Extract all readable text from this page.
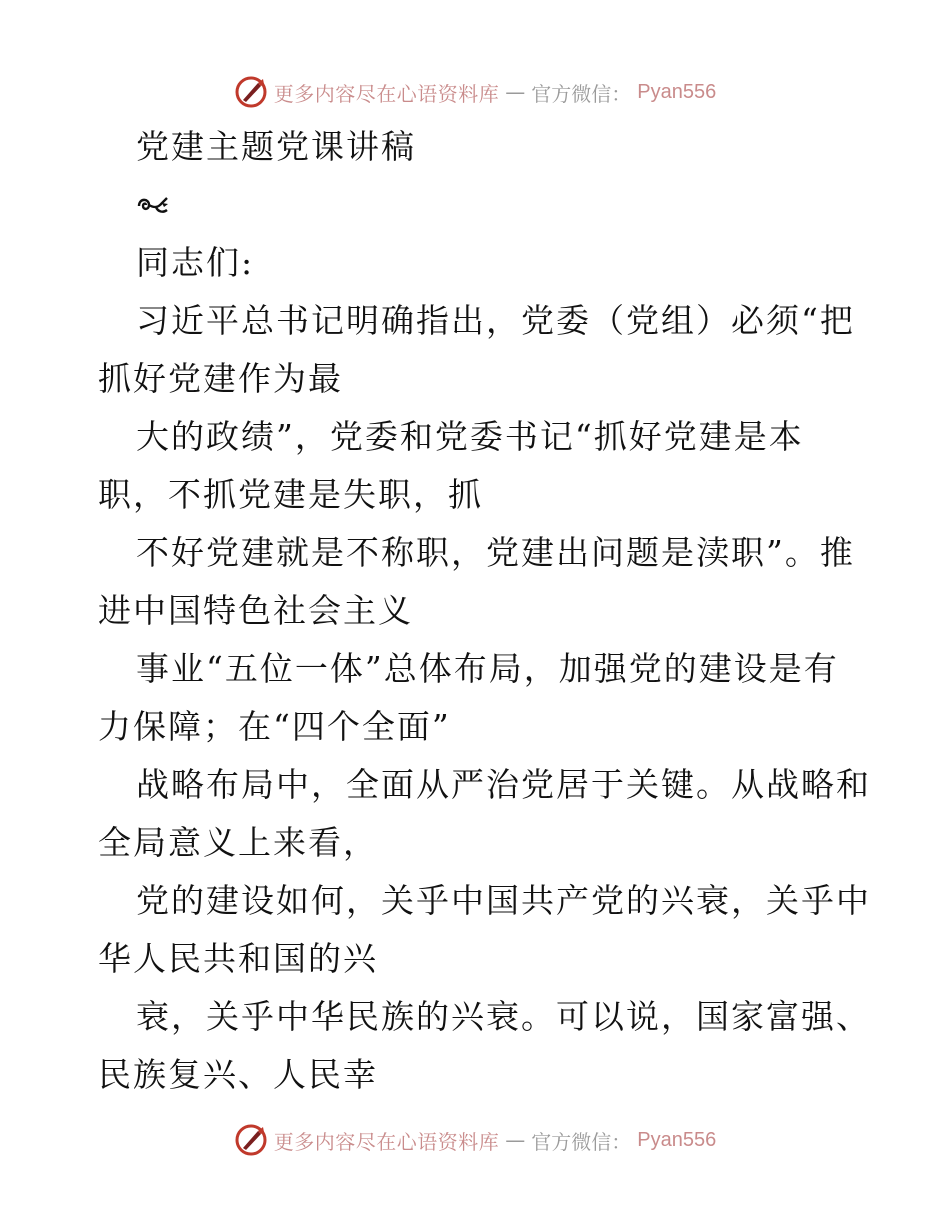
更多内容尽在心语资料库 — 官方微信： Pyan556
党建主题党课讲稿
同志们:
习近平总书记明确指出，党委（党组）必须“把
抓好党建作为最
大的政绩”，党委和党委书记“抓好党建是本
职，不抓党建是失职，抓
不好党建就是不称职，党建出问题是渎职”。推
进中国特色社会主义
事业“五位一体”总体布局，加强党的建设是有
力保障；在“四个全面”
战略布局中，全面从严治党居于关键。从战略和
全局意义上来看，
党的建设如何，关乎中国共产党的兴衰，关乎中
华人民共和国的兴
衰，关乎中华民族的兴衰。可以说，国家富强、
民族复兴、人民幸
更多内容尽在心语资料库 — 官方微信： Pyan556
